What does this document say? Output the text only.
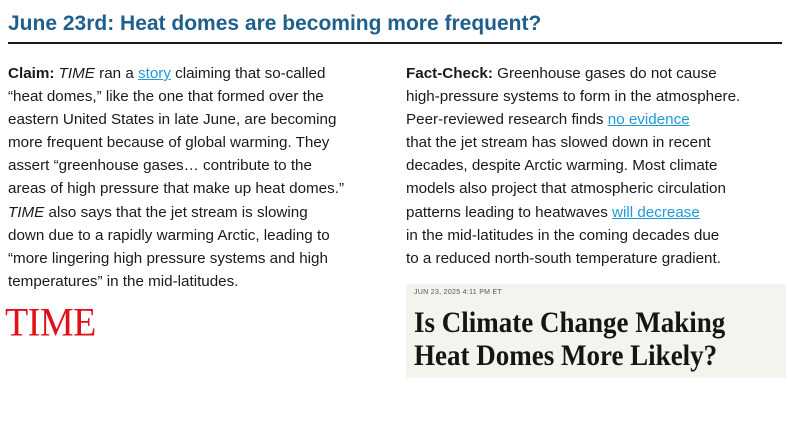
June 23rd: Heat domes are becoming more frequent?
Claim: TIME ran a story claiming that so-called
“heat domes,” like the one that formed over the
eastern United States in late June, are becoming
more frequent because of global warming. They
assert “greenhouse gases… contribute to the
areas of high pressure that make up heat domes.”
TIME also says that the jet stream is slowing
down due to a rapidly warming Arctic, leading to
“more lingering high pressure systems and high
temperatures” in the mid-latitudes.
Fact-Check: Greenhouse gases do not cause
high-pressure systems to form in the atmosphere.
Peer-reviewed research finds no evidence
that the jet stream has slowed down in recent
decades, despite Arctic warming. Most climate
models also project that atmospheric circulation
patterns leading to heatwaves will decrease
in the mid-latitudes in the coming decades due
to a reduced north-south temperature gradient.
TIME
JUN 23, 2025 4:11 PM ET
Is Climate Change Making
Heat Domes More Likely?
